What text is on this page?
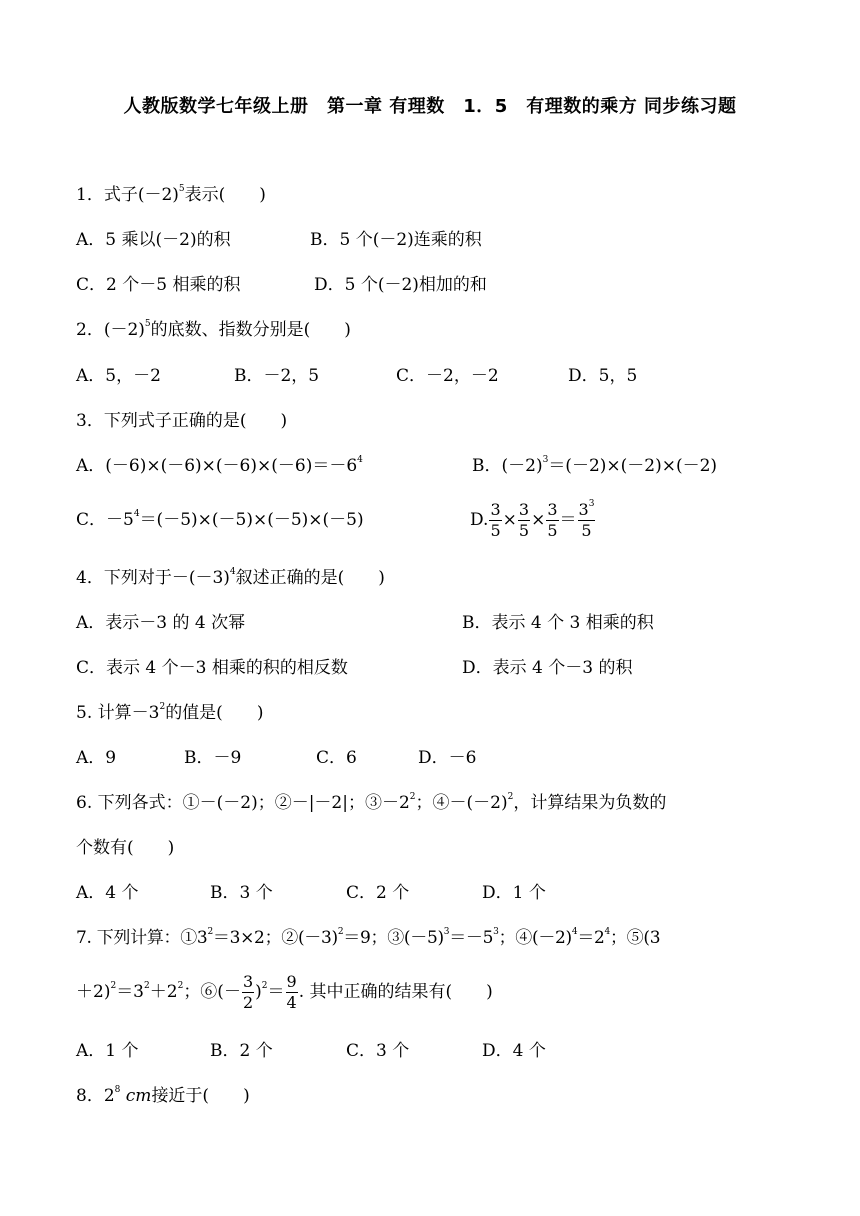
人教版数学七年级上册　第一章 有理数　1．5　有理数的乘方 同步练习题
1．式子$(-2)^5$表示(　　)
A．5 乘以(－2)的积	B．5 个(－2)连乘的积
C．2 个－5 相乘的积	D．5 个(－2)相加的和
2．$(-2)^5$的底数、指数分别是(　　)
A．5，－2	B．－2，5	C．－2，－2	D．5，5
3．下列式子正确的是(　　)
A．$(-6)\times(-6)\times(-6)\times(-6)=-6^4$	B．$(-2)^3=(-2)\times(-2)\times(-2)$
C．$-5^4=(-5)\times(-5)\times(-5)\times(-5)$	D. $\frac{3}{5} \times \frac{3}{5} \times \frac{3}{5} = \frac{3^3}{5}$
4．下列对于$-(-3)^4$叙述正确的是(　　)
A．表示－3 的 4 次幂	B．表示 4 个 3 相乘的积
C．表示 4 个－3 相乘的积的相反数	D．表示 4 个－3 的积
5. 计算$-3^2$的值是(　　)
A．9	B．－9	C．6	D．－6
6. 下列各式：①－(－2)；②－|－2|；$③-2^2$；$④-(-2)^2$，计算结果为负数的
个数有(　　)
A．4 个	B．3 个	C．2 个	D．1 个
7. 下列计算：$①3^2=3\times 2$；$②(-3)^2=9$；$③(-5)^3=-5^3$；$④(-2)^4=2^4$；⑤(3
$+2)^2=3^2+2^2$；⑥(－ $\frac{3}{2} )^2= \frac{9}{4}$ . 其中正确的结果有(　　)
A．1 个	B．2 个	C．3 个	D．4 个
8．$2^8$ cm接近于(　　)
